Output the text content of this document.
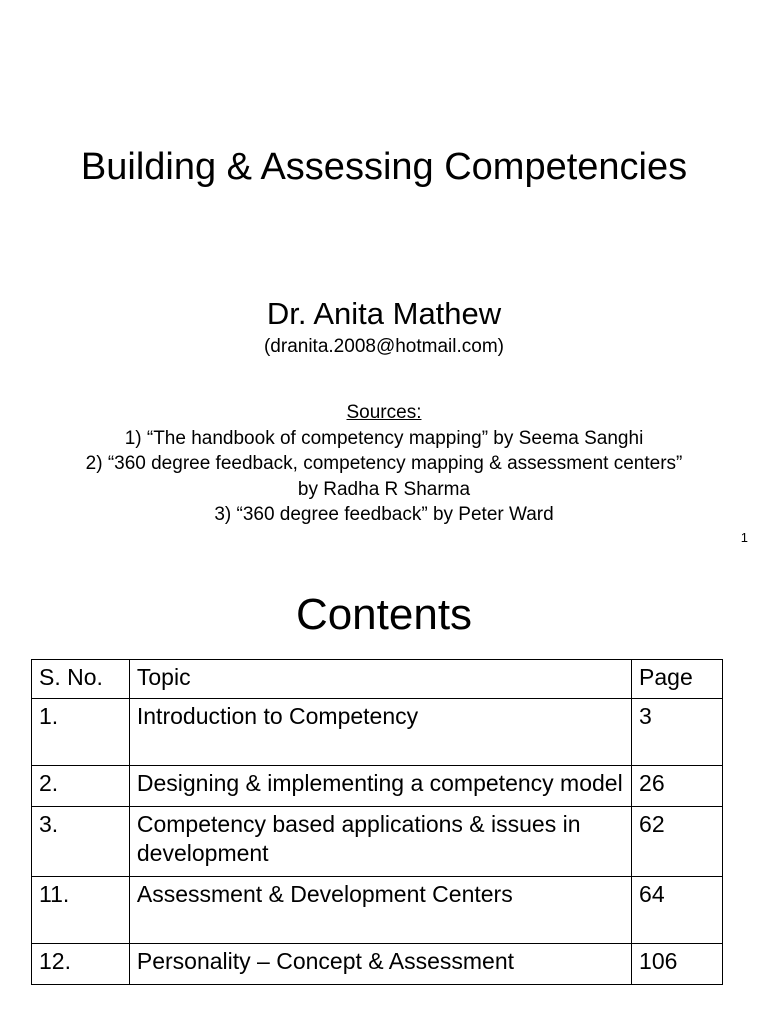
Building & Assessing Competencies
Dr. Anita Mathew
(dranita.2008@hotmail.com)
Sources:
1) “The handbook of competency mapping” by Seema Sanghi
2) “360 degree feedback, competency mapping & assessment centers”
by Radha R Sharma
3) “360 degree feedback” by Peter Ward
1
Contents
S. No.	Topic	Page
1.	Introduction to Competency	3
2.	Designing & implementing a competency model	26
3.	Competency based applications & issues in development	62
11.	Assessment & Development Centers	64
12.	Personality – Concept & Assessment	106
